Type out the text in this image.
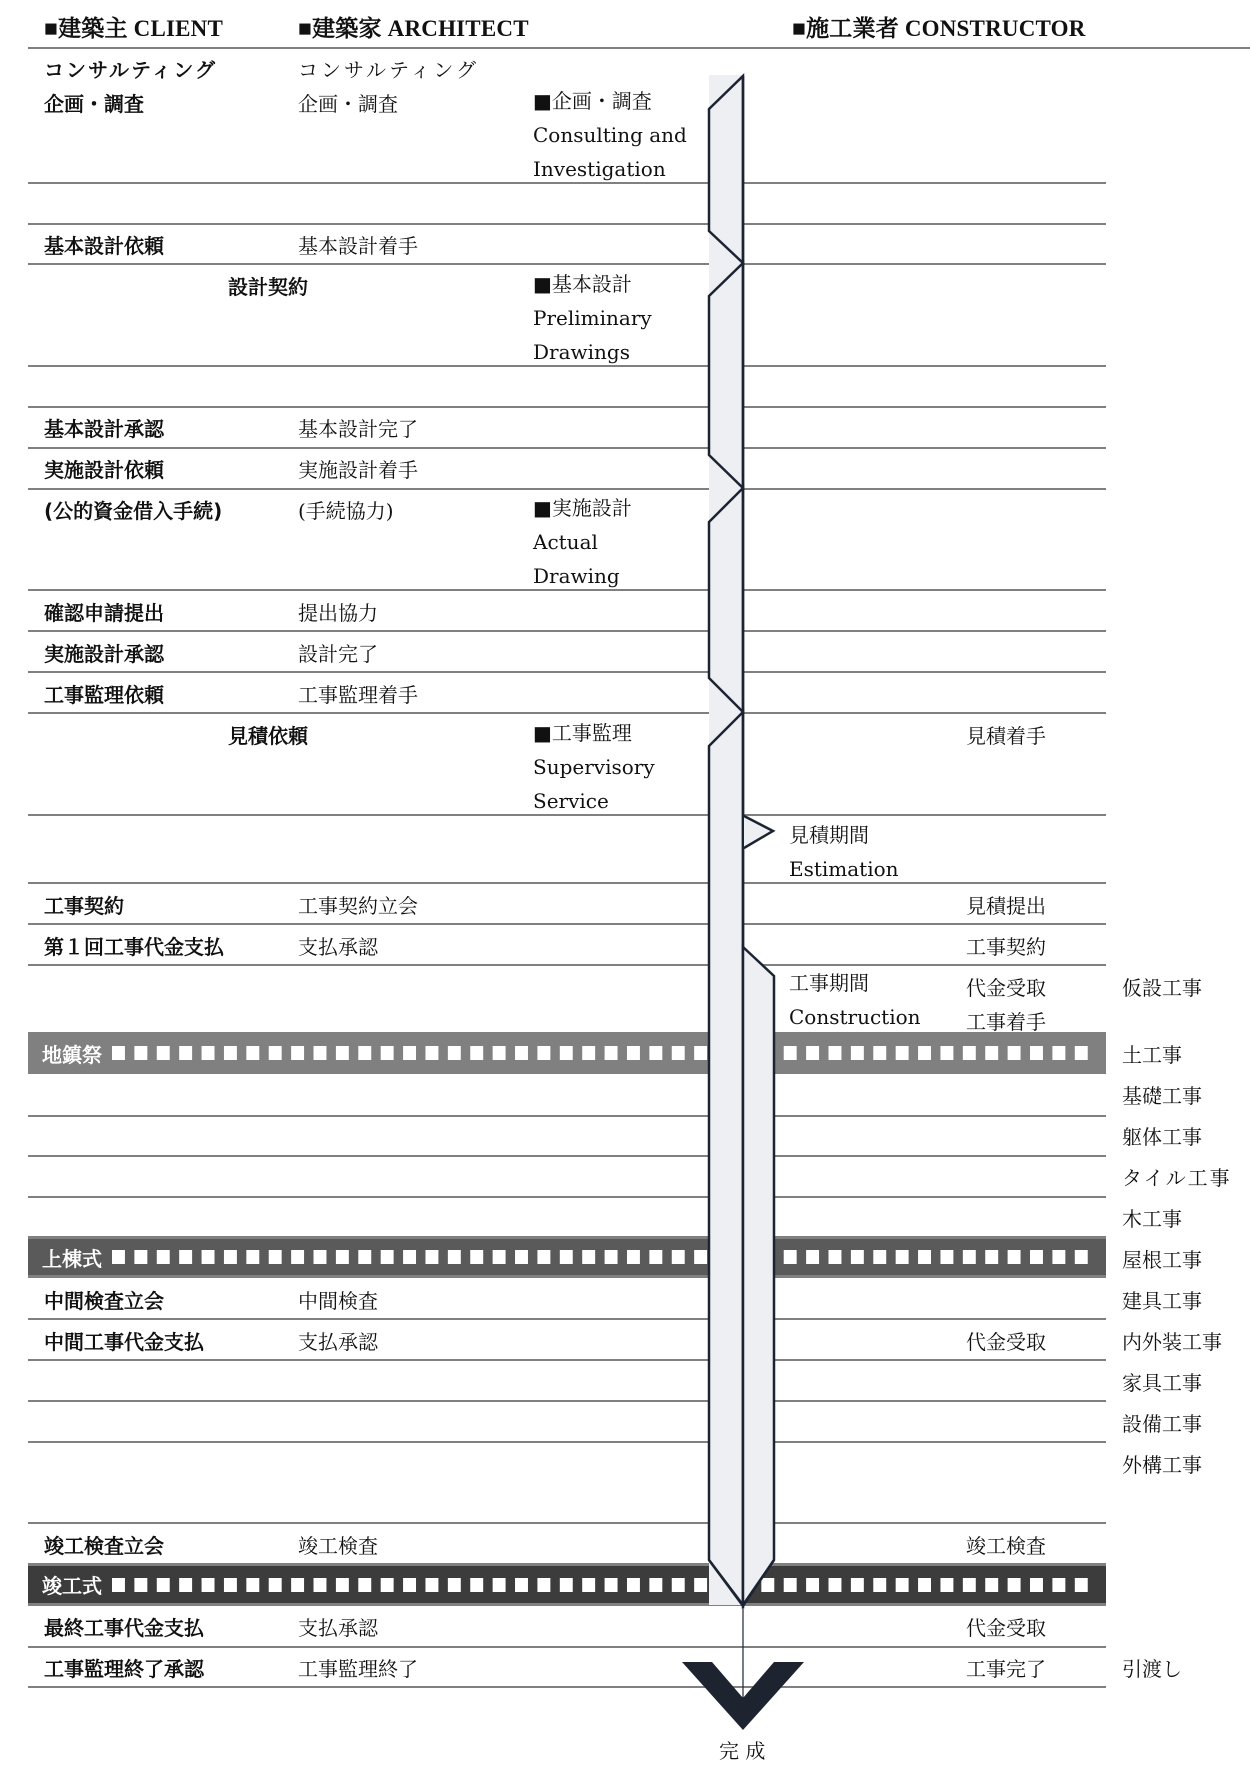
■建築主 CLIENT	■建築家 ARCHITECT	■施工業者 CONSTRUCTOR
地鎮祭
上棟式
竣工式
コンサルティング
企画・調査
基本設計依頼
設計契約
基本設計承認
実施設計依頼
(公的資金借入手続)
確認申請提出
実施設計承認
工事監理依頼
見積依頼
工事契約
第１回工事代金支払
中間検査立会
中間工事代金支払
竣工検査立会
最終工事代金支払
工事監理終了承認
コンサルティング
企画・調査
基本設計着手
基本設計完了
実施設計着手
(手続協力)
提出協力
設計完了
工事監理着手
工事契約立会
支払承認
中間検査
支払承認
竣工検査
支払承認
工事監理終了
■企画・調査
Consulting and
Investigation
■基本設計
Preliminary
Drawings
■実施設計
Actual
Drawing
■工事監理
Supervisory
Service
見積期間
Estimation
工事期間
Construction
見積着手
見積提出
工事契約
代金受取
工事着手
代金受取
竣工検査
代金受取
工事完了
仮設工事
土工事
基礎工事
躯体工事
タイル工事
木工事
屋根工事
建具工事
内外装工事
家具工事
設備工事
外構工事
引渡し
完 成
